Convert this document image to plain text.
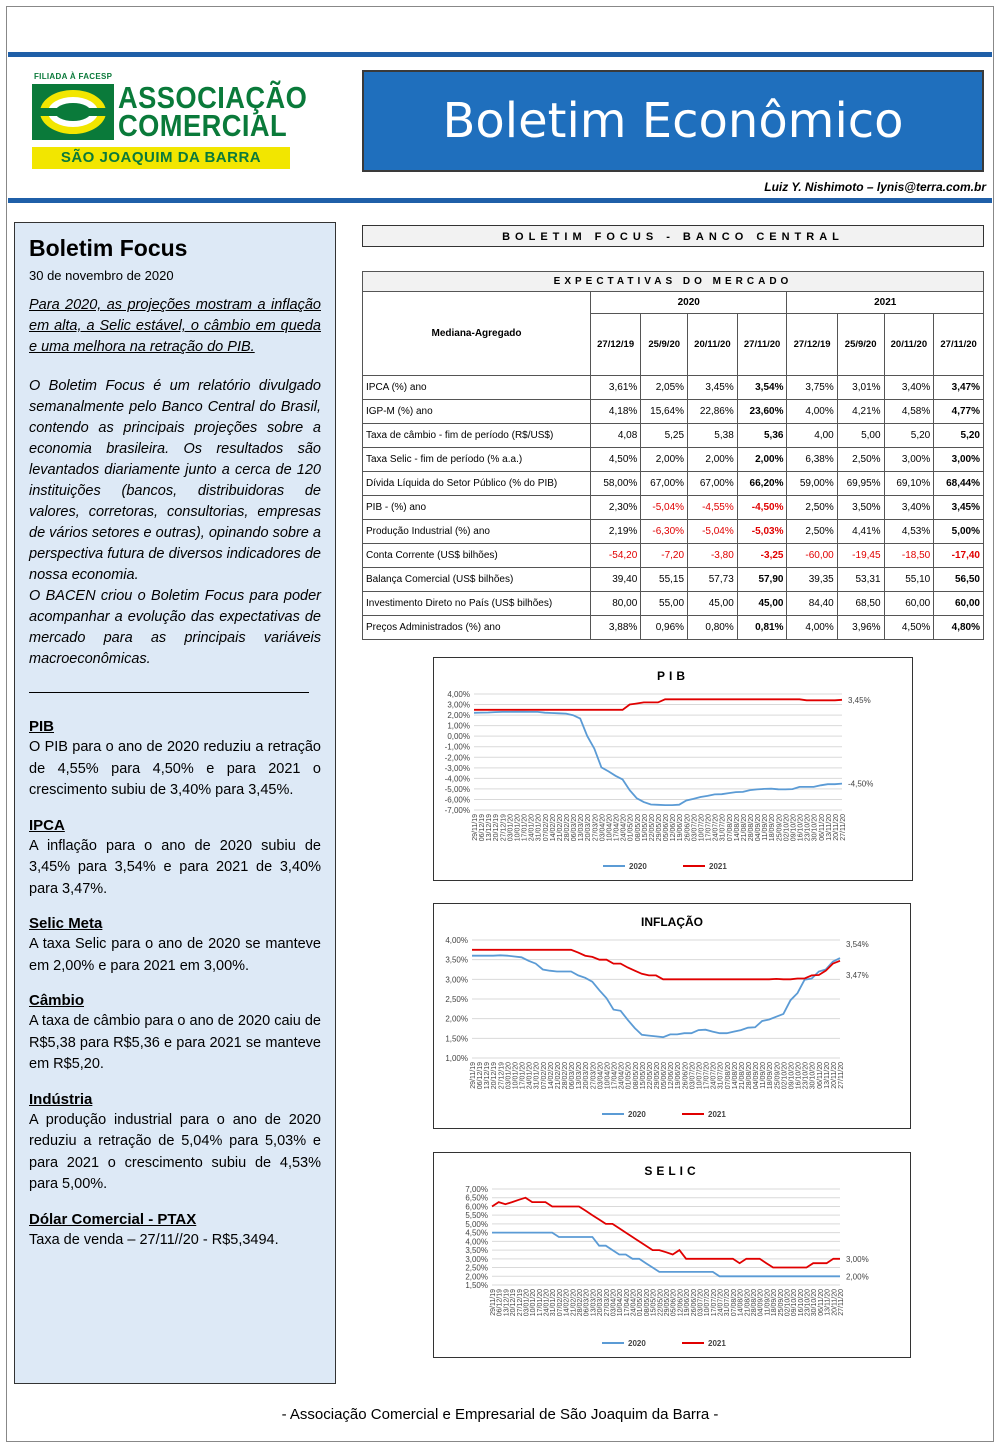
FILIADA À FACESP
ASSOCIAÇÃO
COMERCIAL
SÃO JOAQUIM DA BARRA
Boletim Econômico
Luiz Y. Nishimoto – lynis@terra.com.br
Boletim Focus
30 de novembro de 2020

Para 2020, as projeções mostram a inflação em alta, a Selic estável, o câmbio em queda e uma melhora na retração do PIB.

O Boletim Focus é um relatório divulgado semanalmente pelo Banco Central do Brasil, contendo as principais projeções sobre a economia brasileira. Os resultados são levantados diariamente junto a cerca de 120 instituições (bancos, distribuidoras de valores, corretoras, consultorias, empresas de vários setores e outras), opinando sobre a perspectiva futura de diversos indicadores de nossa economia.

O BACEN criou o Boletim Focus para poder acompanhar a evolução das expectativas de mercado para as principais variáveis macroeconômicas.

PIB

O PIB para o ano de 2020 reduziu a retração de 4,55% para 4,50% e para 2021 o crescimento subiu de 3,40% para 3,45%.

IPCA

A inflação para o ano de 2020 subiu de 3,45% para 3,54% e para 2021 de 3,40% para 3,47%.

Selic Meta

A taxa Selic para o ano de 2020 se manteve em 2,00% e para 2021 em 3,00%.

Câmbio

A taxa de câmbio para o ano de 2020 caiu de R$5,38 para R$5,36 e para 2021 se manteve em R$5,20.

Indústria

A produção industrial para o ano de 2020 reduziu a retração de 5,04% para 5,03% e para 2021 o crescimento subiu de 4,53% para 5,00%.

Dólar Comercial - PTAX

Taxa de venda – 27/11//20 - R$5,3494.

BOLETIM FOCUS - BANCO CENTRAL
EXPECTATIVAS DO MERCADO								
Mediana-Agregado	2020				2021			
	27/12/19	25/9/20	20/11/20	27/11/20	27/12/19	25/9/20	20/11/20	27/11/20
IPCA (%) ano	3,61%	2,05%	3,45%	3,54%	3,75%	3,01%	3,40%	3,47%
IGP-M (%) ano	4,18%	15,64%	22,86%	23,60%	4,00%	4,21%	4,58%	4,77%
Taxa de câmbio - fim de período (R$/US$)	4,08	5,25	5,38	5,36	4,00	5,00	5,20	5,20
Taxa Selic - fim de período (% a.a.)	4,50%	2,00%	2,00%	2,00%	6,38%	2,50%	3,00%	3,00%
Dívida Líquida do Setor Público (% do PIB)	58,00%	67,00%	67,00%	66,20%	59,00%	69,95%	69,10%	68,44%
PIB - (%) ano	2,30%	-5,04%	-4,55%	-4,50%	2,50%	3,50%	3,40%	3,45%
Produção Industrial (%) ano	2,19%	-6,30%	-5,04%	-5,03%	2,50%	4,41%	4,53%	5,00%
Conta Corrente (US$ bilhões)	-54,20	-7,20	-3,80	-3,25	-60,00	-19,45	-18,50	-17,40
Balança Comercial (US$ bilhões)	39,40	55,15	57,73	57,90	39,35	53,31	55,10	56,50
Investimento Direto no País (US$ bilhões)	80,00	55,00	45,00	45,00	84,40	68,50	60,00	60,00
Preços Administrados (%) ano	3,88%	0,96%	0,80%	0,81%	4,00%	3,96%	4,50%	4,80%
PIB
4,00%
3,00%
2,00%
1,00%
0,00%
-1,00%
-2,00%
-3,00%
-4,00%
-5,00%
-6,00%
-7,00%
29/11/19 06/12/19 13/12/19 20/12/19 27/12/19 03/01/20 10/01/20 17/01/20 24/01/20 31/01/20 07/02/20 14/02/20 21/02/20 28/02/20 06/03/20 13/03/20 20/03/20 27/03/20 03/04/20 10/04/20 17/04/20 24/04/20 01/05/20 08/05/20 15/05/20 22/05/20 29/05/20 05/06/20 12/06/20 19/06/20 26/06/20 03/07/20 10/07/20 17/07/20 24/07/20 31/07/20 07/08/20 14/08/20 21/08/20 28/08/20 04/09/20 11/09/20 18/09/20 25/09/20 02/10/20 09/10/20 16/10/20 23/10/20 30/10/20 06/11/20 13/11/20 20/11/20 27/11/20
3,45%
-4,50%
2020	2021
INFLAÇÃO
4,00%
3,50%
3,00%
2,50%
2,00%
1,50%
1,00%
29/11/19 06/12/19 13/12/19 20/12/19 27/12/19 03/01/20 10/01/20 17/01/20 24/01/20 31/01/20 07/02/20 14/02/20 21/02/20 28/02/20 06/03/20 13/03/20 20/03/20 27/03/20 03/04/20 10/04/20 17/04/20 24/04/20 01/05/20 08/05/20 15/05/20 22/05/20 29/05/20 05/06/20 12/06/20 19/06/20 26/06/20 03/07/20 10/07/20 17/07/20 24/07/20 31/07/20 07/08/20 14/08/20 21/08/20 28/08/20 04/09/20 11/09/20 18/09/20 25/09/20 02/10/20 09/10/20 16/10/20 23/10/20 30/10/20 06/11/20 13/11/20 20/11/20 27/11/20
3,54%
3,47%
2020	2021
SELIC
7,00%
6,50%
6,00%
5,50%
5,00%
4,50%
4,00%
3,50%
3,00%
2,50%
2,00%
1,50%
29/11/19 06/12/19 13/12/19 20/12/19 27/12/19 03/01/20 10/01/20 17/01/20 24/01/20 31/01/20 07/02/20 14/02/20 21/02/20 28/02/20 06/03/20 13/03/20 20/03/20 27/03/20 03/04/20 10/04/20 17/04/20 24/04/20 01/05/20 08/05/20 15/05/20 22/05/20 29/05/20 05/06/20 12/06/20 19/06/20 26/06/20 03/07/20 10/07/20 17/07/20 24/07/20 31/07/20 07/08/20 14/08/20 21/08/20 28/08/20 04/09/20 11/09/20 18/09/20 25/09/20 02/10/20 09/10/20 16/10/20 23/10/20 30/10/20 06/11/20 13/11/20 20/11/20 27/11/20
3,00%
2,00%
2020	2021
- Associação Comercial e Empresarial de São Joaquim da Barra -
